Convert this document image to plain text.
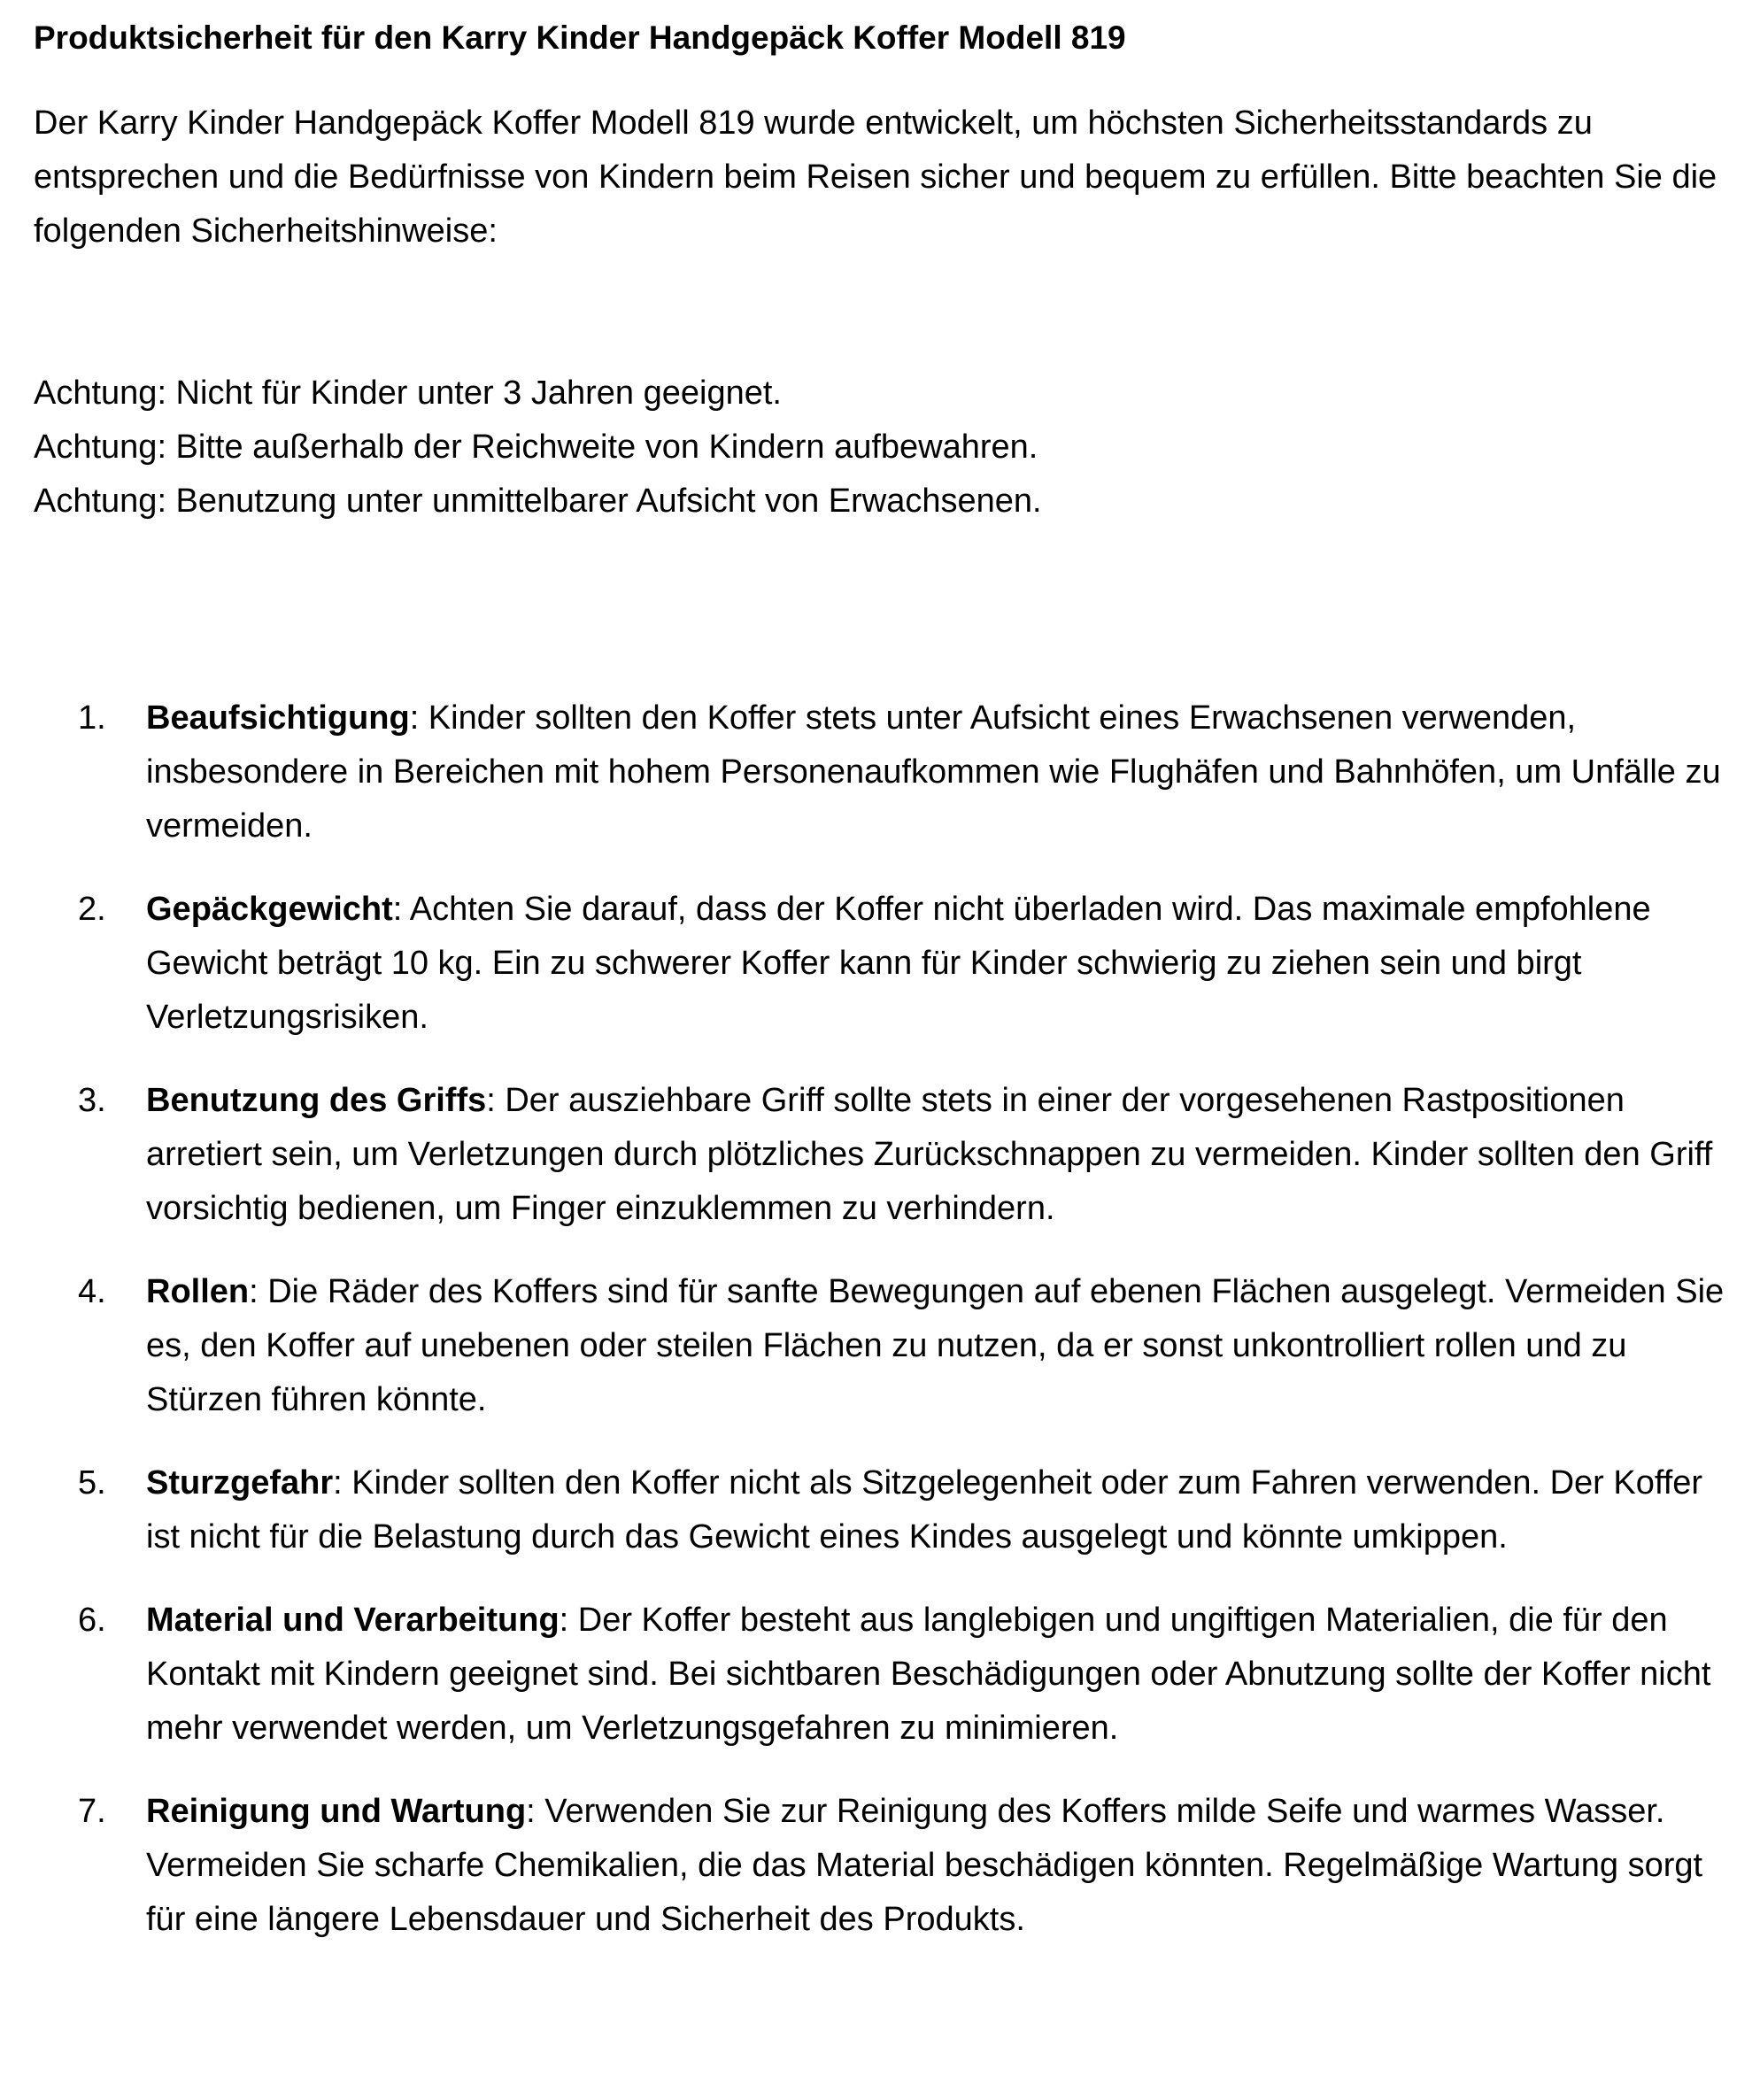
Produktsicherheit für den Karry Kinder Handgepäck Koffer Modell 819

Der Karry Kinder Handgepäck Koffer Modell 819 wurde entwickelt, um höchsten Sicherheitsstandards zu entsprechen und die Bedürfnisse von Kindern beim Reisen sicher und bequem zu erfüllen. Bitte beachten Sie die folgenden Sicherheitshinweise:

Achtung: Nicht für Kinder unter 3 Jahren geeignet.
Achtung: Bitte außerhalb der Reichweite von Kindern aufbewahren.
Achtung: Benutzung unter unmittelbarer Aufsicht von Erwachsenen.
1. Beaufsichtigung: Kinder sollten den Koffer stets unter Aufsicht eines Erwachsenen verwenden, insbesondere in Bereichen mit hohem Personenaufkommen wie Flughäfen und Bahnhöfen, um Unfälle zu vermeiden.
2. Gepäckgewicht: Achten Sie darauf, dass der Koffer nicht überladen wird. Das maximale empfohlene Gewicht beträgt 10 kg. Ein zu schwerer Koffer kann für Kinder schwierig zu ziehen sein und birgt Verletzungsrisiken.
3. Benutzung des Griffs: Der ausziehbare Griff sollte stets in einer der vorgesehenen Rastpositionen arretiert sein, um Verletzungen durch plötzliches Zurückschnappen zu vermeiden. Kinder sollten den Griff vorsichtig bedienen, um Finger einzuklemmen zu verhindern.
4. Rollen: Die Räder des Koffers sind für sanfte Bewegungen auf ebenen Flächen ausgelegt. Vermeiden Sie es, den Koffer auf unebenen oder steilen Flächen zu nutzen, da er sonst unkontrolliert rollen und zu Stürzen führen könnte.
5. Sturzgefahr: Kinder sollten den Koffer nicht als Sitzgelegenheit oder zum Fahren verwenden. Der Koffer ist nicht für die Belastung durch das Gewicht eines Kindes ausgelegt und könnte umkippen.
6. Material und Verarbeitung: Der Koffer besteht aus langlebigen und ungiftigen Materialien, die für den Kontakt mit Kindern geeignet sind. Bei sichtbaren Beschädigungen oder Abnutzung sollte der Koffer nicht mehr verwendet werden, um Verletzungsgefahren zu minimieren.
7. Reinigung und Wartung: Verwenden Sie zur Reinigung des Koffers milde Seife und warmes Wasser. Vermeiden Sie scharfe Chemikalien, die das Material beschädigen könnten. Regelmäßige Wartung sorgt für eine längere Lebensdauer und Sicherheit des Produkts.
